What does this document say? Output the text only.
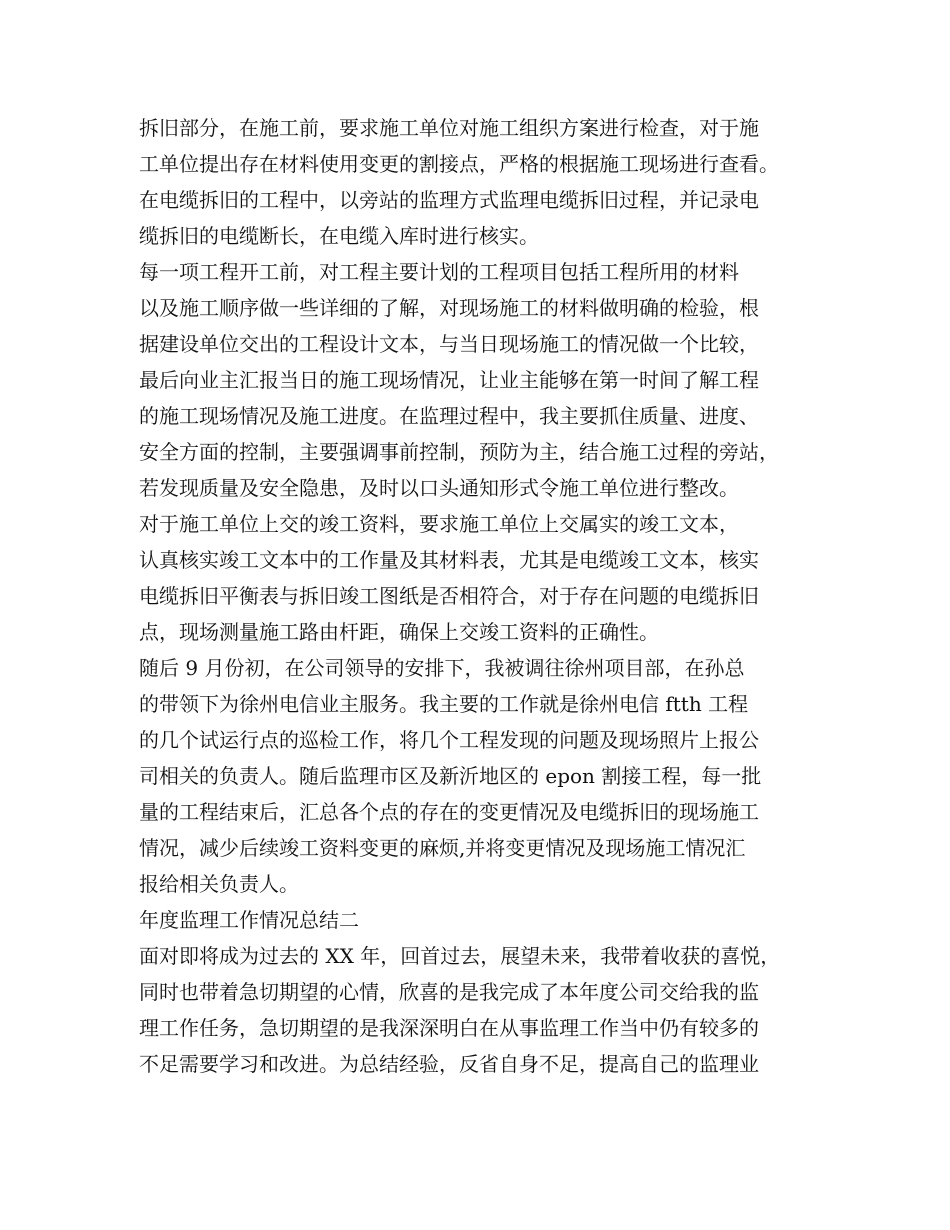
拆旧部分，在施工前，要求施工单位对施工组织方案进行检查，对于施
工单位提出存在材料使用变更的割接点，严格的根据施工现场进行查看。
在电缆拆旧的工程中，以旁站的监理方式监理电缆拆旧过程，并记录电
缆拆旧的电缆断长，在电缆入库时进行核实。
每一项工程开工前，对工程主要计划的工程项目包括工程所用的材料
以及施工顺序做一些详细的了解，对现场施工的材料做明确的检验，根
据建设单位交出的工程设计文本，与当日现场施工的情况做一个比较，
最后向业主汇报当日的施工现场情况，让业主能够在第一时间了解工程
的施工现场情况及施工进度。在监理过程中，我主要抓住质量、进度、
安全方面的控制，主要强调事前控制，预防为主，结合施工过程的旁站，
若发现质量及安全隐患，及时以口头通知形式令施工单位进行整改。
对于施工单位上交的竣工资料，要求施工单位上交属实的竣工文本，
认真核实竣工文本中的工作量及其材料表，尤其是电缆竣工文本，核实
电缆拆旧平衡表与拆旧竣工图纸是否相符合，对于存在问题的电缆拆旧
点，现场测量施工路由杆距，确保上交竣工资料的正确性。
随后 9 月份初，在公司领导的安排下，我被调往徐州项目部，在孙总
的带领下为徐州电信业主服务。我主要的工作就是徐州电信 ftth 工程
的几个试运行点的巡检工作，将几个工程发现的问题及现场照片上报公
司相关的负责人。随后监理市区及新沂地区的 epon 割接工程，每一批
量的工程结束后，汇总各个点的存在的变更情况及电缆拆旧的现场施工
情况，减少后续竣工资料变更的麻烦,并将变更情况及现场施工情况汇
报给相关负责人。
年度监理工作情况总结二
面对即将成为过去的 XX 年，回首过去，展望未来，我带着收获的喜悦，
同时也带着急切期望的心情，欣喜的是我完成了本年度公司交给我的监
理工作任务，急切期望的是我深深明白在从事监理工作当中仍有较多的
不足需要学习和改进。为总结经验，反省自身不足，提高自己的监理业
